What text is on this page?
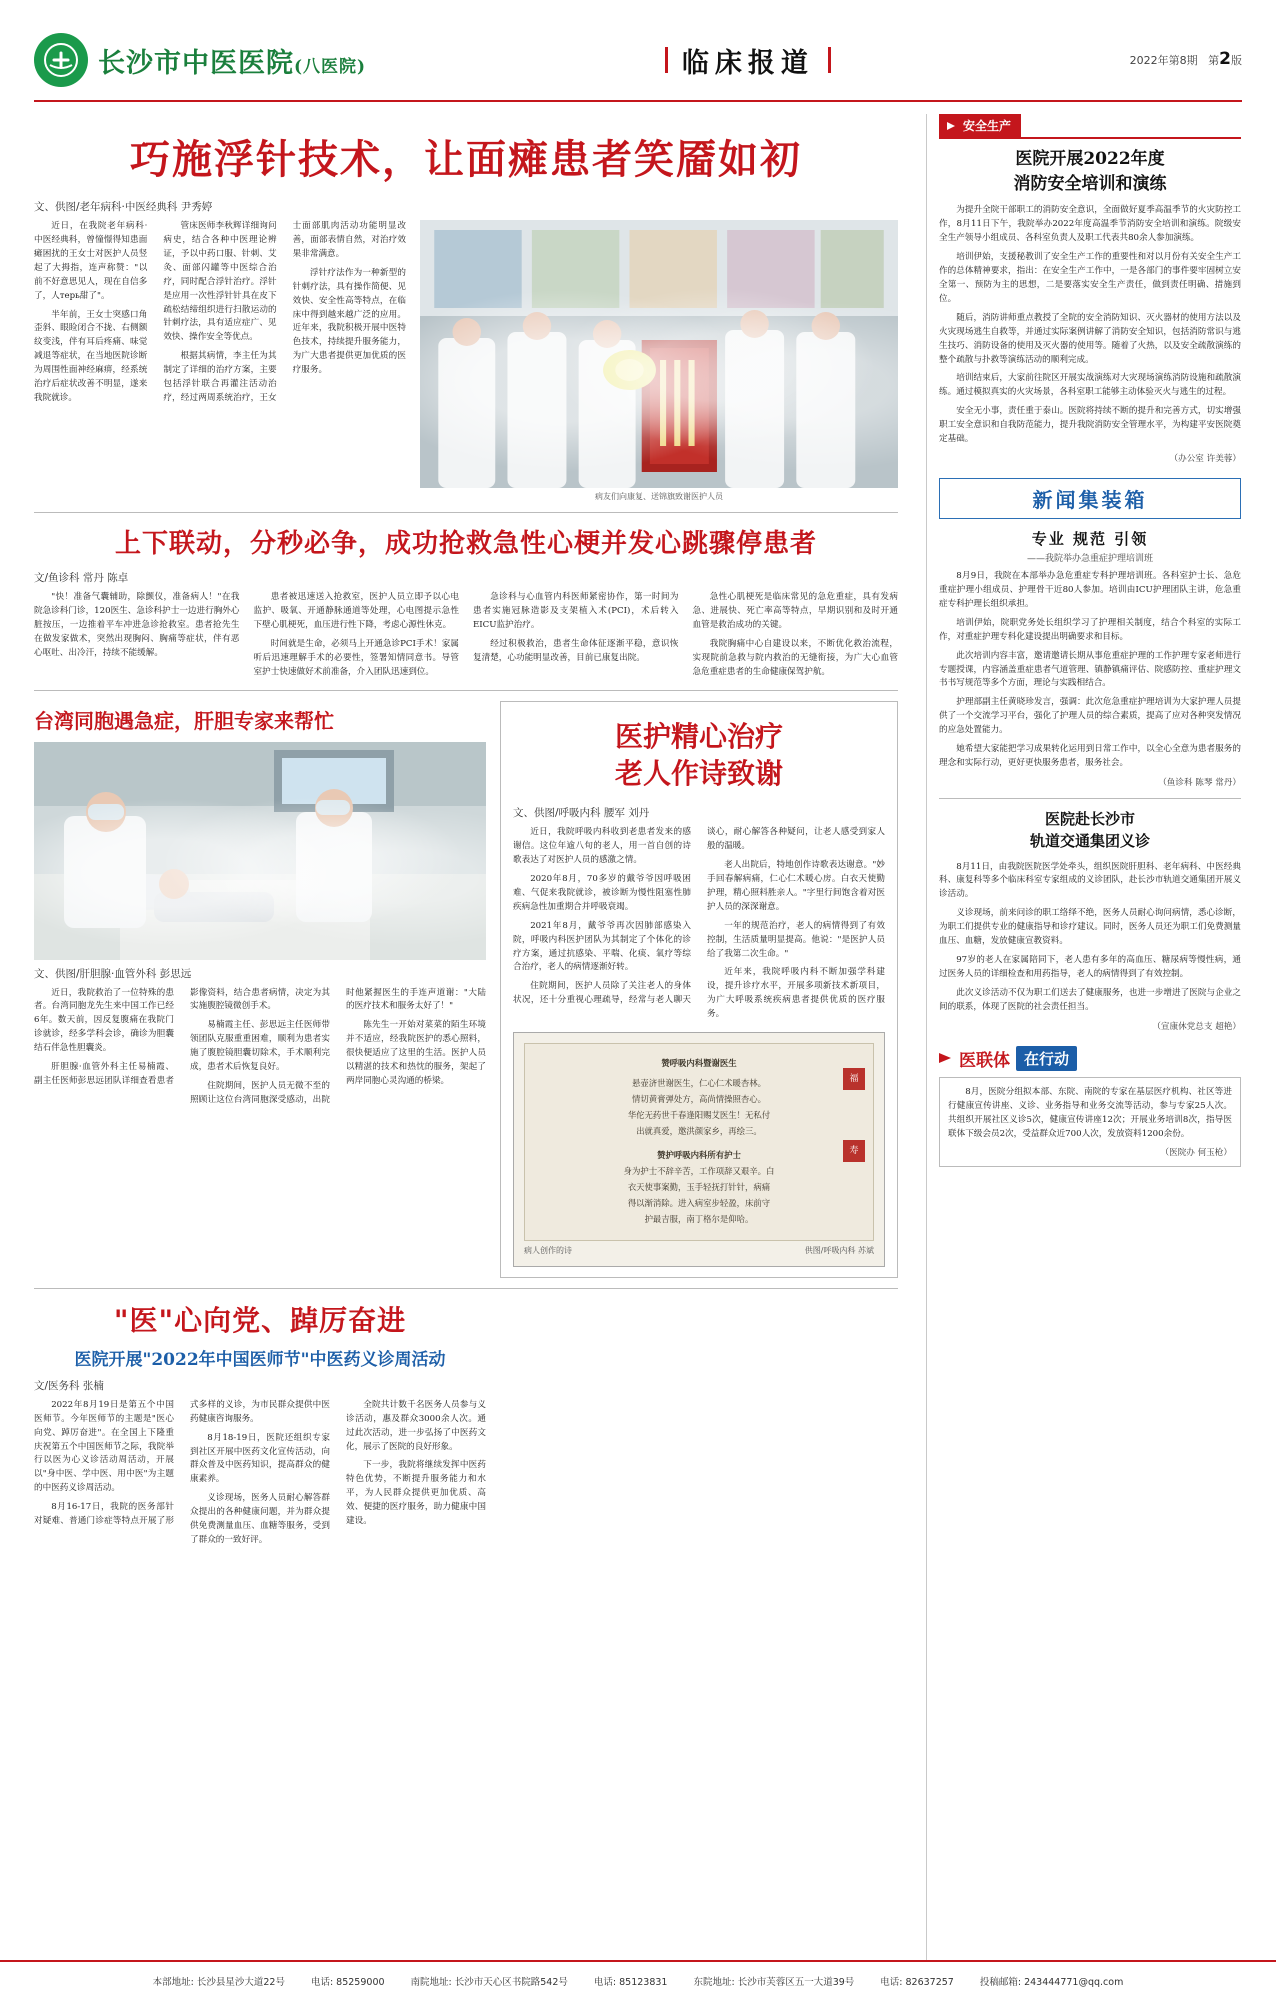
长沙市中医医院(八医院)	临床报道	2022年第8期 第2版
巧施浮针技术，让面瘫患者笑靥如初
文、供图/老年病科·中医经典科 尹秀婷

近日，在我院老年病科·中医经典科，曾憧憬得知患面瘫困扰的王女士对医护人员竖起了大拇指，连声称赞："以前不好意思见人，现在自信多了，人терь甜了"。

半年前，王女士突感口角歪斜、眼睑闭合不拢、右侧额纹变浅，伴有耳后疼痛、味觉减退等症状，在当地医院诊断为周围性面神经麻痹，经系统治疗后症状改善不明显，遂来我院就诊。

管床医师李秋辉详细询问病史，结合各种中医理论辨证，予以中药口服、针刺、艾灸、面部闪罐等中医综合治疗，同时配合浮针治疗。浮针是应用一次性浮针针具在皮下疏松结缔组织进行扫散运动的针刺疗法，具有适应症广、见效快、操作安全等优点。

根据其病情，李主任为其制定了详细的治疗方案，主要包括浮针联合再灌注活动治疗，经过两周系统治疗，王女士面部肌肉活动功能明显改善，面部表情自然，对治疗效果非常满意。

浮针疗法作为一种新型的针刺疗法，具有操作简便、见效快、安全性高等特点，在临床中得到越来越广泛的应用。近年来，我院积极开展中医特色技术，持续提升服务能力，为广大患者提供更加优质的医疗服务。

病友们向康复、送锦旗致谢医护人员
上下联动，分秒必争，成功抢救急性心梗并发心跳骤停患者
文/鱼诊科 常丹 陈卓

"快！准备气囊辅助，除颤仪，准备病人！"在我院急诊科门诊，120医生、急诊科护士一边进行胸外心脏按压，一边推着平车冲进急诊抢救室。患者抢先生在做发家做术，突然出现胸闷、胸痛等症状，伴有恶心呕吐、出冷汗，持续不能缓解。

患者被迅速送入抢救室，医护人员立即予以心电监护、吸氧、开通静脉通道等处理，心电图提示急性下壁心肌梗死，血压进行性下降，考虑心源性休克。

时间就是生命，必须马上开通急诊PCI手术！家属听后迅速理解手术的必要性，签署知情同意书。导管室护士快速做好术前准备，介入团队迅速到位。

急诊科与心血管内科医师紧密协作，第一时间为患者实施冠脉造影及支架植入术(PCI)，术后转入EICU监护治疗。

经过积极救治，患者生命体征逐渐平稳，意识恢复清楚，心功能明显改善，目前已康复出院。

急性心肌梗死是临床常见的急危重症，具有发病急、进展快、死亡率高等特点，早期识别和及时开通血管是救治成功的关键。

我院胸痛中心自建设以来，不断优化救治流程，实现院前急救与院内救治的无缝衔接，为广大心血管急危重症患者的生命健康保驾护航。

台湾同胞遇急症，肝胆专家来帮忙
文、供图/肝胆腺·血管外科 彭思远

近日，我院救治了一位特殊的患者。台湾同胞龙先生来中国工作已经6年。数天前，因反复腹痛在我院门诊就诊，经多学科会诊，确诊为胆囊结石伴急性胆囊炎。

肝胆腺·血管外科主任易楠霞、副主任医师彭思远团队详细查看患者影像资料，结合患者病情，决定为其实施腹腔镜微创手术。

易楠霞主任、彭思远主任医师带领团队克服重重困难，顺利为患者实施了腹腔镜胆囊切除术，手术顺利完成，患者术后恢复良好。

住院期间，医护人员无微不至的照顾让这位台湾同胞深受感动，出院时他紧握医生的手连声道谢："大陆的医疗技术和服务太好了！"

陈先生一开始对菜菜的陌生环境并不适应，经我院医护的悉心照料，很快便适应了这里的生活。医护人员以精湛的技术和热忱的服务，架起了两岸同胞心灵沟通的桥梁。

医护精心治疗
老人作诗致谢
文、供图/呼吸内科 腰军 刘丹

近日，我院呼吸内科收到老患者发来的感谢信。这位年逾八旬的老人，用一首自创的诗歌表达了对医护人员的感激之情。

2020年8月，70多岁的戴爷爷因呼吸困难、气促来我院就诊，被诊断为慢性阻塞性肺疾病急性加重期合并呼吸衰竭。

2021年8月，戴爷爷再次因肺部感染入院，呼吸内科医护团队为其制定了个体化的诊疗方案，通过抗感染、平喘、化痰、氧疗等综合治疗，老人的病情逐渐好转。

住院期间，医护人员除了关注老人的身体状况，还十分重视心理疏导，经常与老人聊天谈心，耐心解答各种疑问，让老人感受到家人般的温暖。

老人出院后，特地创作诗歌表达谢意。"妙手回春解病痛，仁心仁术暖心房。白衣天使勤护理，精心照料胜亲人。"字里行间饱含着对医护人员的深深谢意。

一年的规范治疗，老人的病情得到了有效控制，生活质量明显提高。他说："是医护人员给了我第二次生命。"

近年来，我院呼吸内科不断加强学科建设，提升诊疗水平，开展多项新技术新项目，为广大呼吸系统疾病患者提供优质的医疗服务。

福
寿
赞呼吸内科暨谢医生
悬壶济世谢医生，仁心仁术暖杏林。
情切黄膏弹处方，高尚情操照杏心。
华佗无药世千春逢阳赐艾医生！无私付
出就真爱，邀洪颜家乡，再绘三。
赞护呼吸内科所有护士
身为护士不辞辛苦，工作项辞又艰辛。白
衣天使事案勤，玉手轻抚打针针，病痛
得以渐消除。进入病室步轻盈，床前守
护最吉服，南丁格尔是仰哈。
病人创作的诗	供图/呼吸内科 苏斌
"医"心向党、踔厉奋进
医院开展"2022年中国医师节"中医药义诊周活动
文/医务科 张楠

2022年8月19日是第五个中国医师节。今年医师节的主题是"医心向党、踔厉奋进"。在全国上下隆重庆祝第五个中国医师节之际，我院举行以医为心义诊活动周活动，开展以"身中医、学中医、用中医"为主题的中医药义诊周活动。

8月16-17日，我院的医务部针对疑难、普通门诊症等特点开展了形式多样的义诊，为市民群众提供中医药健康咨询服务。

8月18-19日，医院还组织专家到社区开展中医药文化宣传活动，向群众普及中医药知识，提高群众的健康素养。

义诊现场，医务人员耐心解答群众提出的各种健康问题，并为群众提供免费测量血压、血糖等服务，受到了群众的一致好评。

全院共计数千名医务人员参与义诊活动，惠及群众3000余人次。通过此次活动，进一步弘扬了中医药文化，展示了医院的良好形象。

下一步，我院将继续发挥中医药特色优势，不断提升服务能力和水平，为人民群众提供更加优质、高效、便捷的医疗服务，助力健康中国建设。

安全生产
医院开展2022年度
消防安全培训和演练

为提升全院干部职工的消防安全意识，全面做好夏季高温季节的火灾防控工作，8月11日下午，我院举办2022年度高温季节消防安全培训和演练。院级安全生产领导小组成员、各科室负责人及职工代表共80余人参加演练。

培训伊始，支援秘教训了安全生产工作的重要性和对以月份有关安全生产工作的总体精神要求，指出：在安全生产工作中，一是各部门的事件要牢固树立安全第一、预防为主的思想，二是要落实安全生产责任，做到责任明确、措施到位。

随后，消防讲师重点教授了全院的安全消防知识、灭火器材的使用方法以及火灾现场逃生自救等，并通过实际案例讲解了消防安全知识，包括消防常识与逃生技巧、消防设备的使用及灭火器的使用等。随着了火热，以及安全疏散演练的整个疏散与扑救等演练活动的顺利完成。

培训结束后，大家前往院区开展实战演练对大灾现场演练消防设施和疏散演练。通过模拟真实的火灾场景，各科室职工能够主动体验灭火与逃生的过程。

安全无小事，责任重于泰山。医院将持续不断的提升和完善方式，切实增强职工安全意识和自我防范能力，提升我院消防安全管理水平，为构建平安医院奠定基础。

（办公室 许美蓉）
新闻集装箱
专业 规范 引领
——我院举办急重症护理培训班

8月9日，我院在本部举办急危重症专科护理培训班。各科室护士长、急危重症护理小组成员、护理骨干近80人参加。培训由ICU护理团队主讲，危急重症专科护理长组织承担。

培训伊始，院职党务处长组织学习了护理相关制度，结合个科室的实际工作，对重症护理专科化建设提出明确要求和目标。

此次培训内容丰富，邀请邀请长期从事危重症护理的工作护理专家老师进行专题授课，内容涵盖重症患者气道管理、镇静镇痛评估、院感防控、重症护理文书书写规范等多个方面，理论与实践相结合。

护理部副主任黄晓珍发言，强调：此次危急重症护理培训为大家护理人员提供了一个交流学习平台，强化了护理人员的综合素质，提高了应对各种突发情况的应急处置能力。

她希望大家能把学习成果转化运用到日常工作中，以全心全意为患者服务的理念和实际行动，更好更快服务患者，服务社会。

（鱼诊科 陈琴 常丹）
医院赴长沙市
轨道交通集团义诊

8月11日，由我院医院医学处牵头，组织医院肝胆科、老年病科、中医经典科、康复科等多个临床科室专家组成的义诊团队，赴长沙市轨道交通集团开展义诊活动。

义诊现场，前来问诊的职工络绎不绝，医务人员耐心询问病情，悉心诊断，为职工们提供专业的健康指导和诊疗建议。同时，医务人员还为职工们免费测量血压、血糖，发放健康宣教资料。

97岁的老人在家属陪同下，老人患有多年的高血压、糖尿病等慢性病，通过医务人员的详细检查和用药指导，老人的病情得到了有效控制。

此次义诊活动不仅为职工们送去了健康服务，也进一步增进了医院与企业之间的联系，体现了医院的社会责任担当。

（宣康休党总支 超艳）
医联体 在行动

8月，医院分组拟本部、东院、南院的专家在基层医疗机构、社区等进行健康宣传讲座、义诊、业务指导和业务交流等活动，参与专家25人次。共组织开展社区义诊5次，健康宣传讲座12次；开展业务培训8次，指导医联体下级会员2次，受益群众近700人次，发放资料1200余份。

（医院办 何玉枪）
本部地址: 长沙县星沙大道22号	电话: 85259000	南院地址: 长沙市天心区书院路542号	电话: 85123831	东院地址: 长沙市芙蓉区五一大道39号	电话: 82637257	投稿邮箱: 243444771@qq.com
